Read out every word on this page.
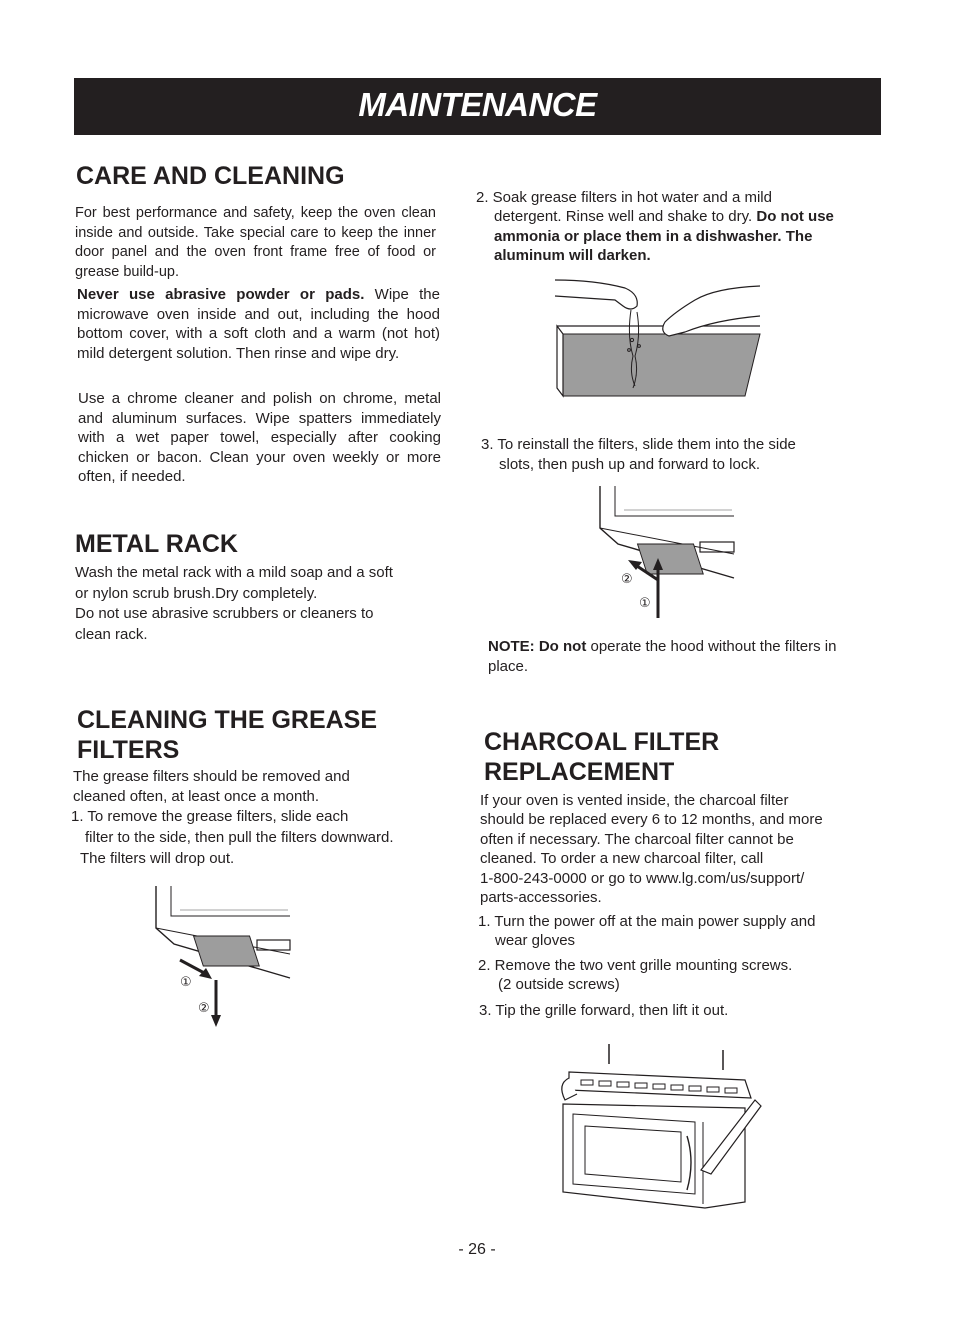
MAINTENANCE
CARE AND CLEANING

For best performance and safety, keep the oven clean inside and outside. Take special care to keep the inner door panel and the oven front frame free of food or grease build-up.

Never use abrasive powder or pads. Wipe the microwave oven inside and out, including the hood bottom cover, with a soft cloth and a warm (not hot) mild detergent solution. Then rinse and wipe dry.

Use a chrome cleaner and polish on chrome, metal and aluminum surfaces. Wipe spatters immediately with a wet paper towel, especially after cooking chicken or bacon. Clean your oven weekly or more often, if needed.

METAL RACK

Wash the metal rack with a mild soap and a soft

or nylon scrub brush.Dry completely.

Do not use abrasive scrubbers or cleaners to

clean rack.

CLEANING THE GREASE
FILTERS

The grease filters should be removed and

cleaned often, at least once a month.

1. To remove the grease filters, slide each

filter to the side, then pull the filters downward.

The filters will drop out.

①
②

2. Soak grease filters in hot water and a mild

detergent. Rinse well and shake to dry. Do not use ammonia or place them in a dishwasher. The aluminum will darken.

3. To reinstall the filters, slide them into the side

slots, then push up and forward to lock.

②
①

NOTE: Do not operate the hood without the filters in place.

CHARCOAL FILTER
REPLACEMENT

If your oven is vented inside, the charcoal filter

should be replaced every 6 to 12 months, and more

often if necessary. The charcoal filter cannot be

cleaned. To order a new charcoal filter, call

1-800-243-0000 or go to www.lg.com/us/support/

parts-accessories.

1. Turn the power off at the main power supply and

wear gloves

2. Remove the two vent grille mounting screws.

(2 outside screws)

3. Tip the grille forward, then lift it out.

- 26 -
